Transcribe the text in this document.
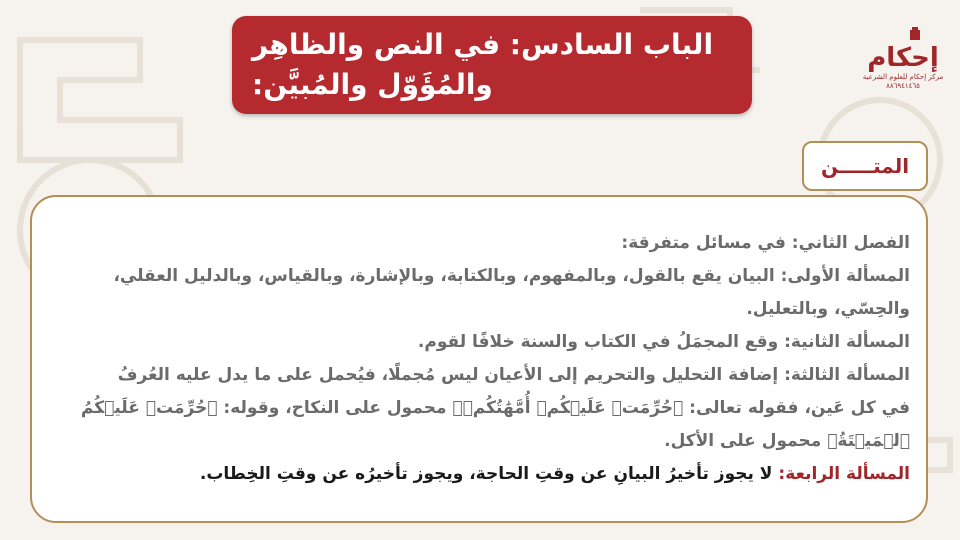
الباب السادس: في النص والظاهِر
والمُؤَوّل والمُبيَّن:
إحكام
مركز إحكام للعلوم الشرعية
٨٨٦٩٤١٤٦٥
المتـــــن

الفصل الثاني: في مسائل متفرقة:

المسألة الأولى: البيان يقع بالقول، وبالمفهوم، وبالكتابة، وبالإشارة، وبالقياس، وبالدليل العقلي،

والحِسّي، وبالتعليل.

المسألة الثانية: وقع المجمَلُ في الكتاب والسنة خلافًا لقوم.

المسألة الثالثة: إضافة التحليل والتحريم إلى الأعيان ليس مُجملًا، فيُحمل على ما يدل عليه العُرفُ

في كل عَين، فقوله تعالى: ﴿حُرِّمَتۡ عَلَيۡكُمۡ أُمَّهَٰتُكُمۡ﴾ محمول على النكاح، وقوله: ﴿حُرِّمَتۡ عَلَيۡكُمُ

ٱلۡمَيۡتَةُ﴾ محمول على الأكل.

المسألة الرابعة: لا يجوز تأخيرُ البيانِ عن وقتِ الحاجة، ويجوز تأخيرُه عن وقتِ الخِطاب.
